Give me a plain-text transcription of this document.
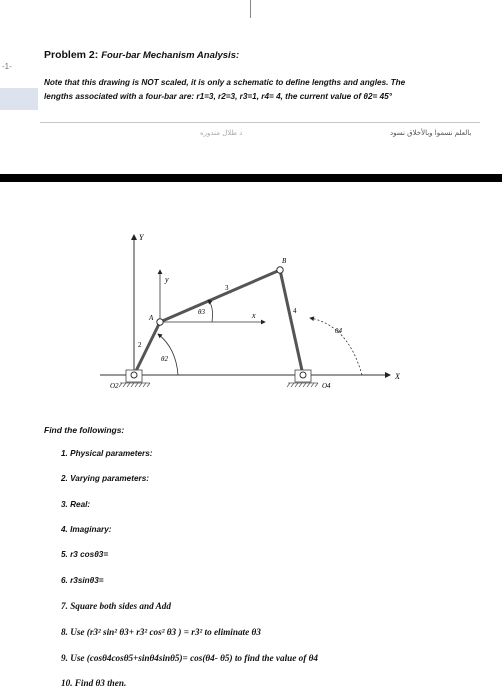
-1-
Problem 2: Four-bar Mechanism Analysis:
Note that this drawing is NOT scaled, it is only a schematic to define lengths and angles. The
lengths associated with a four-bar are: r1=3, r2=3, r3=1, r4= 4, the current value of θ2= 45°
د طلال مندوره	بالعلم نسموا وبالأخلاق نسود
Y
y
x
X
A
B
2
3
4
O2	O4
θ2
θ3
θ4
Find the followings:
1. Physical parameters:
2. Varying parameters:
3. Real:
4. Imaginary:
5. r3 cosθ3=
6. r3sinθ3=
7. Square both sides and Add
8. Use (r3² sin² θ3+ r3² cos² θ3 ) = r3² to eliminate θ3
9. Use (cosθ4cosθ5+sinθ4sinθ5)= cos(θ4- θ5) to find the value of θ4
10. Find θ3 then.
